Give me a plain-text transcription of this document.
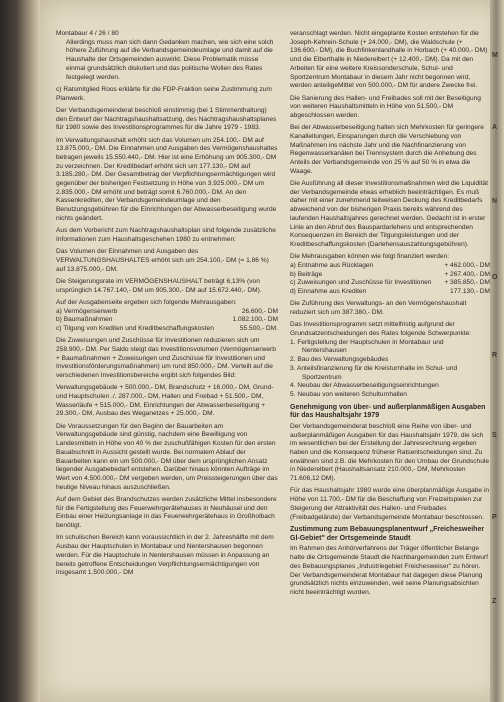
M
A
N
O
R
S
P
Z

Montabaur 4 / 26 / 80

Allerdings muss man sich dann Gedanken machen, wie sich eine solch höhere Zuführung auf die Verbandsgemeindeumlage und damit auf die Haushalte der Ortsgemeinden auswirkt. Diese Problematik müsse einmal grundsätzlich diskutiert und das politische Wollen des Rates festgelegt werden.

c) Ratsmitglied Roos erklärte für die FDP-Fraktion seine Zustimmung zum Planwerk.

Der Verbandsgemeinderat beschloß einstimmig (bei 1 Stimmenthaltung) den Entwurf der Nachtragshaushaltsatzung, des Nachtragshaushaltsplanes für 1980 sowie des Investitionsprogrammes für die Jahre 1979 - 1983.

Im Verwaltungshaushalt erhöht sich das Volumen um 254.100,- DM auf 13.875.000,- DM. Die Einnahmen und Ausgaben des Vermögenshaushaltes betragen jeweils 15.550.440,- DM. Hier ist eine Erhöhung um 905.300,- DM zu verzeichnen. Der Kreditbedarf erhöht sich um 177.130,- DM auf 3.185.280,- DM. Der Gesamtbetrag der Verpflichtungsermächtigungen wird gegenüber der bisherigen Festsetzung in Höhe von 3.925.000,- DM um 2.835.000,- DM erhöht und beträgt somit 6.760.000,- DM. An den Kassenkrediten, der Verbandsgemeindeumlage und den Benutzungsgebühren für die Einrichtungen der Abwasserbeseitigung wurde nichts geändert.

Aus dem Vorbericht zum Nachtragshaushaltsplan sind folgende zusätzliche Informationen zum Haushaltsgeschehen 1980 zu entnehmen:

Das Volumen der Einnahmen und Ausgaben des VERWALTUNGSHAUSHALTES erhöht sich um 254.100,- DM (= 1,86 %) auf 13.875.000,- DM.

Die Steigerungsrate im VERMÖGENSHAUSHALT beträgt 6,13% (von ursprünglich 14.767.140,- DM um 905.300,- DM auf 15.672.440,- DM).

Auf der Ausgabenseite ergeben sich folgende Mehrausgaben:

a) Vermögenserwerb	26.600,- DM
b) Baumaßnahmen	1.082.100,- DM
c) Tilgung von Krediten und Kreditbeschaffungskosten	55.500,- DM.

Die Zuweisungen und Zuschüsse für Investitionen reduzieren sich um 258.900,- DM. Per Saldo steigt das Investitionsvolumen (Vermögenserwerb + Baumaßnahmen + Zuweisungen und Zuschüsse für Investitionen und Investitionsförderungsmaßnahmen) um rund 850.000,- DM. Verteilt auf die verschiedenen Investitionsbereiche ergibt sich folgendes Bild:

Verwaltungsgebäude + 500.000,- DM, Brandschutz + 16.000,- DM, Grund- und Hauptschulen ./. 287.000,- DM, Hallen und Freibad + 51.500,- DM, Wasserläufe + 515.000,- DM, Einrichtungen der Abwasserbeseitigung + 29.300,- DM, Ausbau des Weganetzes + 25.000,- DM.

Die Voraussetzungen für den Beginn der Bauarbeiten am Verwaltungsgebäude sind günstig, nachdem eine Bewilligung von Landesmitteln in Höhe von 40 % der zuschußfähigen Kosten für den ersten Bauabschnitt in Aussicht gestellt wurde. Bei normalem Ablauf der Bauarbeiten kann ein um 500.000,- DM über dem ursprünglichen Ansatz liegender Ausgabebedarf entstehen. Darüber hinaus könnten Aufträge im Wert von 4.500.000,- DM vergeben werden, um Preissteigerungen über das heutige Niveau hinaus auszuschließen.

Auf dem Gebiet des Brandschutzes werden zusätzliche Mittel insbesondere für die Fertigstellung des Feuerwehrgerätehauses in Neuhäusel und den Einbau einer Heizungsanlage in das Feuerwehrgerätehaus in Großholbach benötigt.

Im schulischen Bereich kann voraussichtlich in der 2. Jahreshälfte mit dem Ausbau der Hauptschulen in Montabaur und Nentershausen begonnen werden. Für die Hauptschule in Nentershausen müssen in Anpassung an bereits getroffene Entscheidungen Verpflichtungsermächtigungen von insgesamt 1.500.000,- DM

veranschlagt werden. Nicht eingeplante Kosten entstehen für die Joseph-Kehrein-Schule (+ 24.000,- DM), die Waldschule (+ 136.600,- DM), die Buchfinkenlandhalle in Horbach (+ 40.000,- DM) und die Elberthalle in Niederelbert (+ 12.400,- DM). Da mit den Arbeiten für eine weitere Kreissonderschule, Schul- und Sportzentrum Montabaur in diesem Jahr nicht begonnen wird, werden anteiligeMittel von 500.000,- DM für andere Zwecke frei.

Die Sanierung des Hallen- und Freibades soll mit der Beseitigung von weiteren Haushaltsmitteln in Höhe von 51.500,- DM abgeschlossen werden.

Bei der Abwasserbeseitigung halten sich Mehrkosten für geringere Kanalleitungen, Einsparungen durch die Verschiebung von Maßnahmen ins nächste Jahr und die Nachfinanzierung von Regenwasserkanälen bei Trennsystem durch die Anhebung des Anteils der Verbandsgemeinde von 25 % auf 50 % in etwa die Waage.

Die Ausführung all dieser Investitionsmaßnahmen wird die Liquidität der Verbandsgemeinde etwas erheblich beeinträchtigen. Es muß daher mit einer zunehmend teilweisen Deckung des Kreditbedarfs abweichend von der bisherigen Praxis bereits während des laufenden Haushaltsjahres gerechnet werden. Gedacht ist in erster Linie an den Abruf des Bauspardarlehens und entsprechenden Konsequenzen im Bereich der Tilgungsleistungen und der Kreditbeschaffungskosten (Darlehensauszahlungsgebühren).

Die Mehrausgaben können wie folgt finanziert werden:

a) Entnahme aus Rücklagen	+ 462.000,- DM
b) Beiträge	+ 267.400,- DM
c) Zuweisungen und Zuschüsse für Investitionen + 385.850,- DM
d) Einnahme aus Krediten	177.130,- DM

Die Zuführung des Verwaltungs- an den Vermögenshaushalt reduziert sich um 387.380,- DM.

Das Investitionsprogramm setzt mittelfristig aufgrund der Grundsatzentscheidungen des Rates folgende Schwerpunkte:

1. Fertigstellung der Hauptschulen in Montabaur und Nentershausen

2. Bau des Verwaltungsgebäudes

3. Anteilsfinanzierung für die Kreisturnhalle im Schul- und Sportzentrum

4. Neubau der Abwasserbeseitigungseinrichtungen

5. Neubau von weiteren Schulturnhallen

Genehmigung von über- und außerplanmäßigen Ausgaben für das Haushaltsjahr 1979

Der Verbandsgemeinderat beschloß eine Reihe von über- und außerplanmäßigen Ausgaben für das Haushaltsjahr 1979, die sich im wesentlichen bei der Erstellung der Jahresrechnung ergeben haben und die Konsequenz früherer Ratsentscheidungen sind. Zu erwähnen sind z.B. die Mehrkosten für den Umbau der Grundschule in Niederelbert (Haushaltsansatz 210.000,- DM, Mehrkosten 71.606,12 DM).

Für das Haushaltsjahr 1980 wurde eine überplanmäßige Ausgabe in Höhe von 11.700,- DM für die Beschaffung von Freizeitspielen zur Steigerung der Attraktivität des Hallen- und Freibades (Freibadgelände) der Verbandsgemeinde Montabaur beschlossen.

Zustimmung zum Bebauungsplanentwurf „Freichesweiher Gl-Gebiet" der Ortsgemeinde Staudt

Im Rahmen des Anhörverfahrens der Träger öffentlicher Belange hatte die Ortsgemeinde Staudt die Nachbargemeinden zum Entwurf des Bebauungsplanes „Industriegebiet Freichesweiser" zu hören. Der Verbandsgemeinderat Montabaur hat dagegen diese Planung grundsätzlich nichts einzuwenden, weil seine Planungsabsichten nicht beeinträchtigt wurden.
